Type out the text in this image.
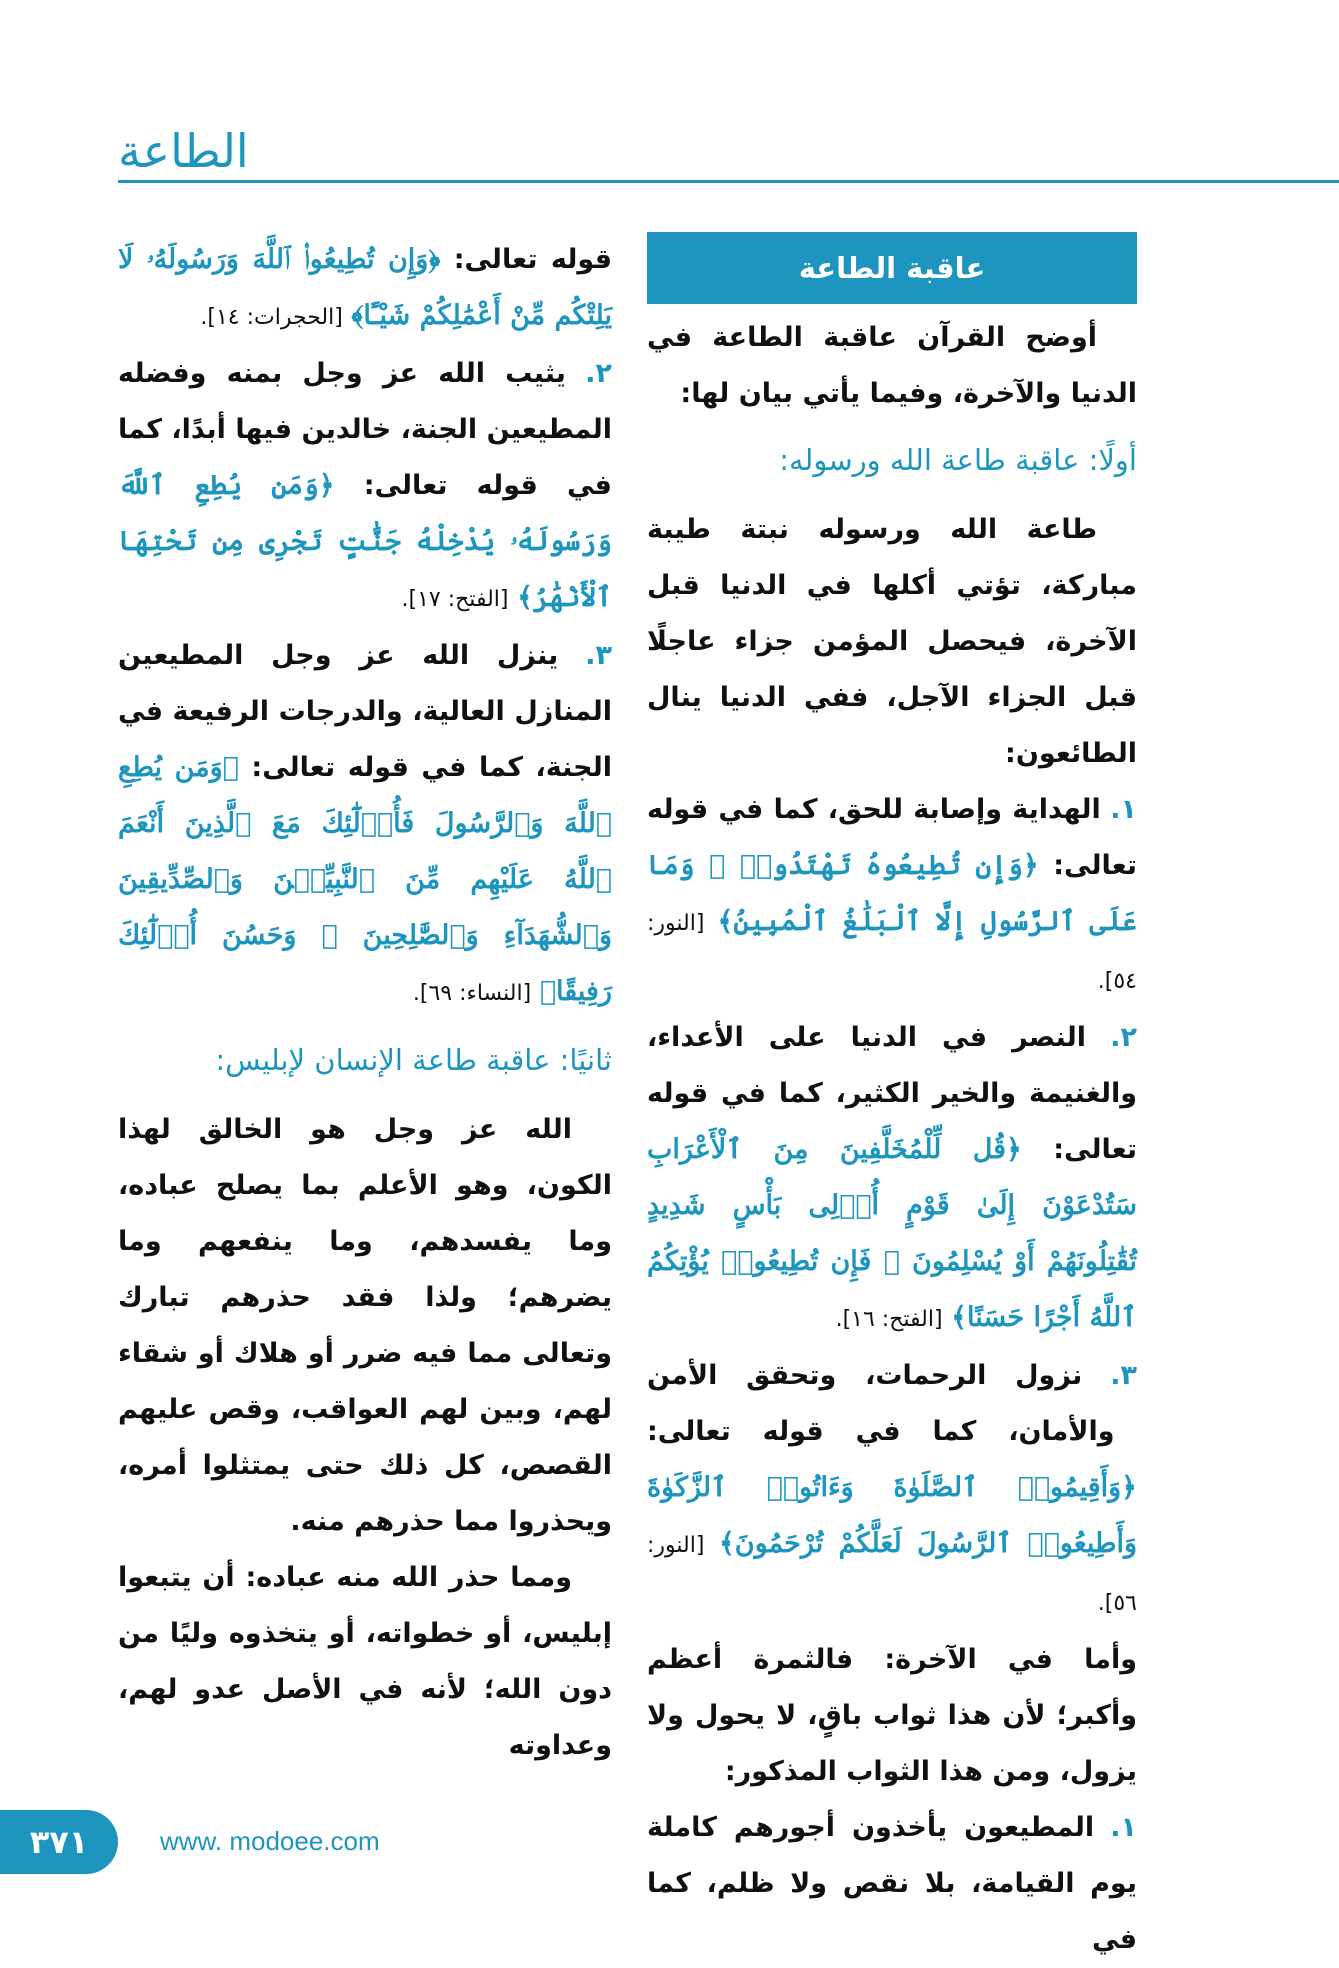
الطاعة
عاقبة الطاعة

أوضح القرآن عاقبة الطاعة في الدنيا والآخرة، وفيما يأتي بيان لها:

أولًا: عاقبة طاعة الله ورسوله:

طاعة الله ورسوله نبتة طيبة مباركة، تؤتي أكلها في الدنيا قبل الآخرة، فيحصل المؤمن جزاء عاجلًا قبل الجزاء الآجل، ففي الدنيا ينال الطائعون:

١. الهداية وإصابة للحق، كما في قوله تعالى: ﴿وَإِن تُطِيعُوهُ تَهْتَدُوا۟ ۚ وَمَا عَلَى ٱلرَّسُولِ إِلَّا ٱلْبَلَٰغُ ٱلْمُبِينُ﴾ [النور: ٥٤].

٢. النصر في الدنيا على الأعداء، والغنيمة والخير الكثير، كما في قوله تعالى: ﴿قُل لِّلْمُخَلَّفِينَ مِنَ ٱلْأَعْرَابِ سَتُدْعَوْنَ إِلَىٰ قَوْمٍ أُو۟لِى بَأْسٍ شَدِيدٍ تُقَٰتِلُونَهُمْ أَوْ يُسْلِمُونَ ۖ فَإِن تُطِيعُوا۟ يُؤْتِكُمُ ٱللَّهُ أَجْرًا حَسَنًا﴾ [الفتح: ١٦].

٣. نزول الرحمات، وتحقق الأمن والأمان، كما في قوله تعالى: ﴿وَأَقِيمُوا۟ ٱلصَّلَوٰةَ وَءَاتُوا۟ ٱلزَّكَوٰةَ وَأَطِيعُوا۟ ٱلرَّسُولَ لَعَلَّكُمْ تُرْحَمُونَ﴾ [النور: ٥٦].

وأما في الآخرة: فالثمرة أعظم وأكبر؛ لأن هذا ثواب باقٍ، لا يحول ولا يزول، ومن هذا الثواب المذكور:

١. المطيعون يأخذون أجورهم كاملة يوم القيامة، بلا نقص ولا ظلم، كما في

قوله تعالى: ﴿وَإِن تُطِيعُوا۟ ٱللَّهَ وَرَسُولَهُۥ لَا يَلِتْكُم مِّنْ أَعْمَٰلِكُمْ شَيْـًٔا﴾ [الحجرات: ١٤].

٢. يثيب الله عز وجل بمنه وفضله المطيعين الجنة، خالدين فيها أبدًا، كما في قوله تعالى: ﴿وَمَن يُطِعِ ٱللَّهَ وَرَسُولَهُۥ يُدْخِلْهُ جَنَّٰتٍ تَجْرِى مِن تَحْتِهَا ٱلْأَنْهَٰرُ﴾ [الفتح: ١٧].

٣. ينزل الله عز وجل المطيعين المنازل العالية، والدرجات الرفيعة في الجنة، كما في قوله تعالى: ﴿وَمَن يُطِعِ ٱللَّهَ وَٱلرَّسُولَ فَأُو۟لَٰٓئِكَ مَعَ ٱلَّذِينَ أَنْعَمَ ٱللَّهُ عَلَيْهِم مِّنَ ٱلنَّبِيِّـۧنَ وَٱلصِّدِّيقِينَ وَٱلشُّهَدَآءِ وَٱلصَّٰلِحِينَ ۚ وَحَسُنَ أُو۟لَٰٓئِكَ رَفِيقًا﴾ [النساء: ٦٩].

ثانيًا: عاقبة طاعة الإنسان لإبليس:

الله عز وجل هو الخالق لهذا الكون، وهو الأعلم بما يصلح عباده، وما يفسدهم، وما ينفعهم وما يضرهم؛ ولذا فقد حذرهم تبارك وتعالى مما فيه ضرر أو هلاك أو شقاء لهم، وبين لهم العواقب، وقص عليهم القصص، كل ذلك حتى يمتثلوا أمره، ويحذروا مما حذرهم منه.

ومما حذر الله منه عباده: أن يتبعوا إبليس، أو خطواته، أو يتخذوه وليًا من دون الله؛ لأنه في الأصل عدو لهم، وعداوته

٣٧١	www. modoee.com
